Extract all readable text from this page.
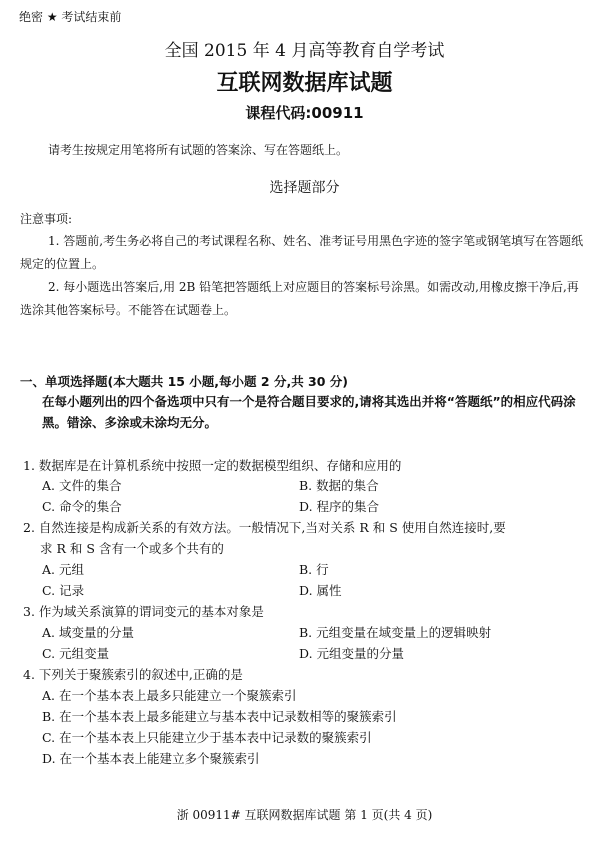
绝密 ★ 考试结束前
全国 2015 年 4 月高等教育自学考试
互联网数据库试题
课程代码:00911
请考生按规定用笔将所有试题的答案涂、写在答题纸上。
选择题部分
注意事项:
1. 答题前,考生务必将自己的考试课程名称、姓名、准考证号用黑色字迹的签字笔或钢笔填写在答题纸规定的位置上。
2. 每小题选出答案后,用 2B 铅笔把答题纸上对应题目的答案标号涂黑。如需改动,用橡皮擦干净后,再选涂其他答案标号。不能答在试题卷上。
一、单项选择题(本大题共 15 小题,每小题 2 分,共 30 分)
在每小题列出的四个备选项中只有一个是符合题目要求的,请将其选出并将“答题纸”的相应代码涂黑。错涂、多涂或未涂均无分。
1. 数据库是在计算机系统中按照一定的数据模型组织、存储和应用的
A. 文件的集合	B. 数据的集合
C. 命令的集合	D. 程序的集合
2. 自然连接是构成新关系的有效方法。一般情况下,当对关系 R 和 S 使用自然连接时,要
求 R 和 S 含有一个或多个共有的
A. 元组	B. 行
C. 记录	D. 属性
3. 作为域关系演算的谓词变元的基本对象是
A. 域变量的分量	B. 元组变量在域变量上的逻辑映射
C. 元组变量	D. 元组变量的分量
4. 下列关于聚簇索引的叙述中,正确的是
A. 在一个基本表上最多只能建立一个聚簇索引
B. 在一个基本表上最多能建立与基本表中记录数相等的聚簇索引
C. 在一个基本表上只能建立少于基本表中记录数的聚簇索引
D. 在一个基本表上能建立多个聚簇索引
浙 00911# 互联网数据库试题 第 1 页(共 4 页)
